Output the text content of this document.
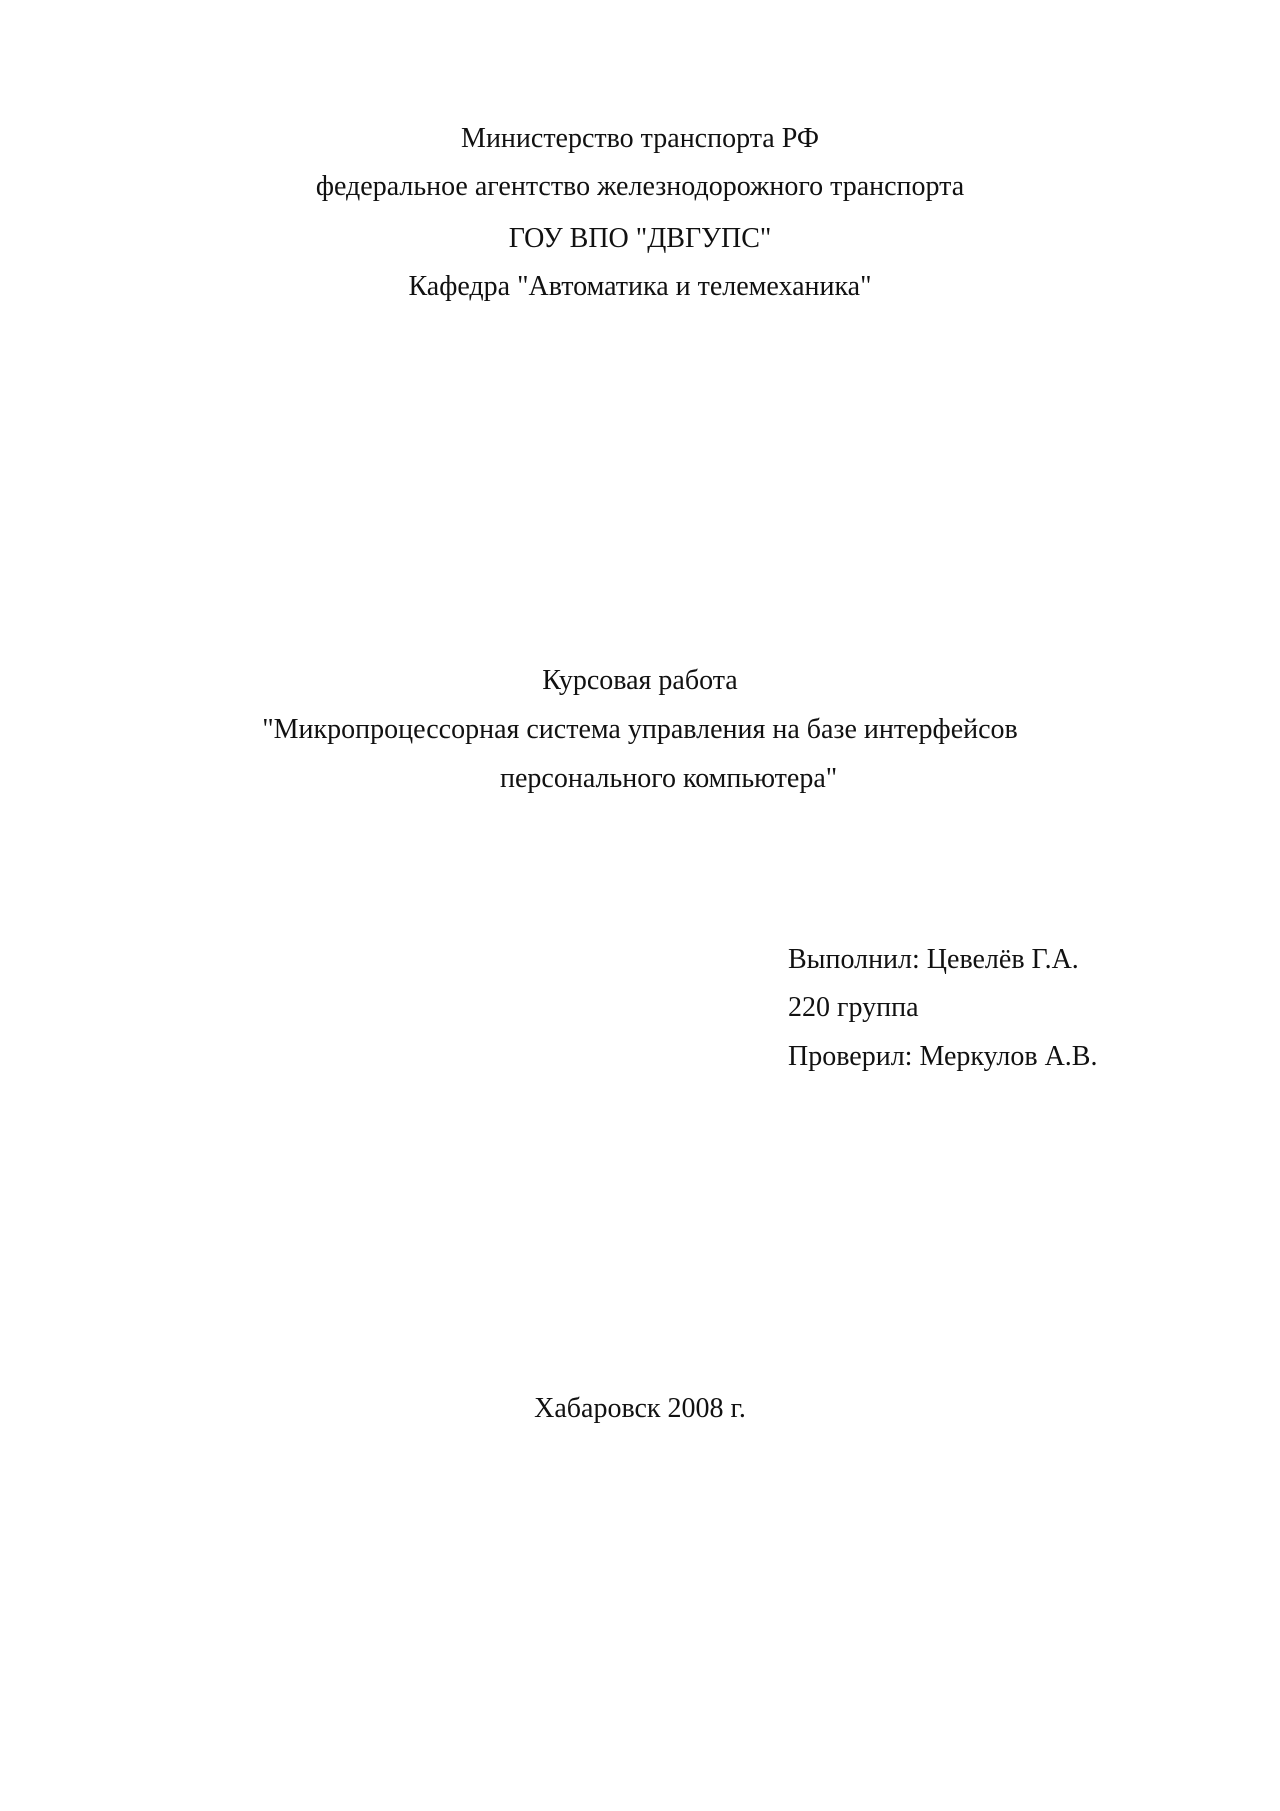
Министерство транспорта РФ

федеральное агентство железнодорожного транспорта

ГОУ ВПО "ДВГУПС"

Кафедра "Автоматика и телемеханика"

Курсовая работа

"Микропроцессорная система управления на базе интерфейсов

персонального компьютера"

Выполнил: Цевелёв Г.А.

220 группа

Проверил: Меркулов А.В.

Хабаровск 2008 г.
